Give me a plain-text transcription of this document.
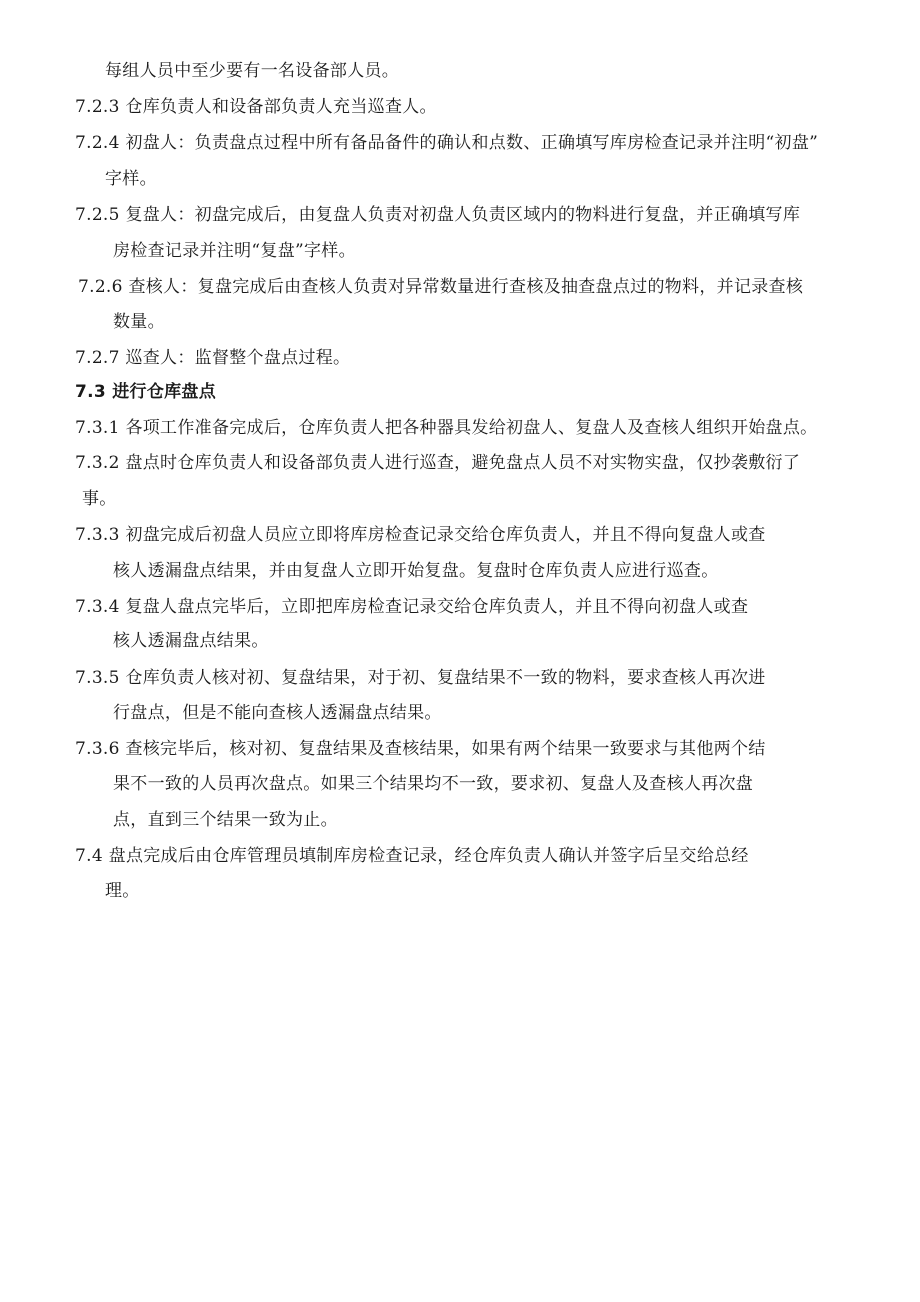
每组人员中至少要有一名设备部人员。
7.2.3 仓库负责人和设备部负责人充当巡查人。
7.2.4 初盘人：负责盘点过程中所有备品备件的确认和点数、正确填写库房检查记录并注明“初盘”
字样。
7.2.5 复盘人：初盘完成后，由复盘人负责对初盘人负责区域内的物料进行复盘，并正确填写库
房检查记录并注明“复盘”字样。
7.2.6 查核人：复盘完成后由查核人负责对异常数量进行查核及抽查盘点过的物料，并记录查核
数量。
7.2.7 巡查人：监督整个盘点过程。
7.3 进行仓库盘点
7.3.1 各项工作准备完成后，仓库负责人把各种器具发给初盘人、复盘人及查核人组织开始盘点。
7.3.2 盘点时仓库负责人和设备部负责人进行巡查，避免盘点人员不对实物实盘，仅抄袭敷衍了
事。
7.3.3 初盘完成后初盘人员应立即将库房检查记录交给仓库负责人，并且不得向复盘人或查
核人透漏盘点结果，并由复盘人立即开始复盘。复盘时仓库负责人应进行巡查。
7.3.4 复盘人盘点完毕后，立即把库房检查记录交给仓库负责人，并且不得向初盘人或查
核人透漏盘点结果。
7.3.5 仓库负责人核对初、复盘结果，对于初、复盘结果不一致的物料，要求查核人再次进
行盘点，但是不能向查核人透漏盘点结果。
7.3.6 查核完毕后，核对初、复盘结果及查核结果，如果有两个结果一致要求与其他两个结
果不一致的人员再次盘点。如果三个结果均不一致，要求初、复盘人及查核人再次盘
点，直到三个结果一致为止。
7.4 盘点完成后由仓库管理员填制库房检查记录，经仓库负责人确认并签字后呈交给总经
理。
